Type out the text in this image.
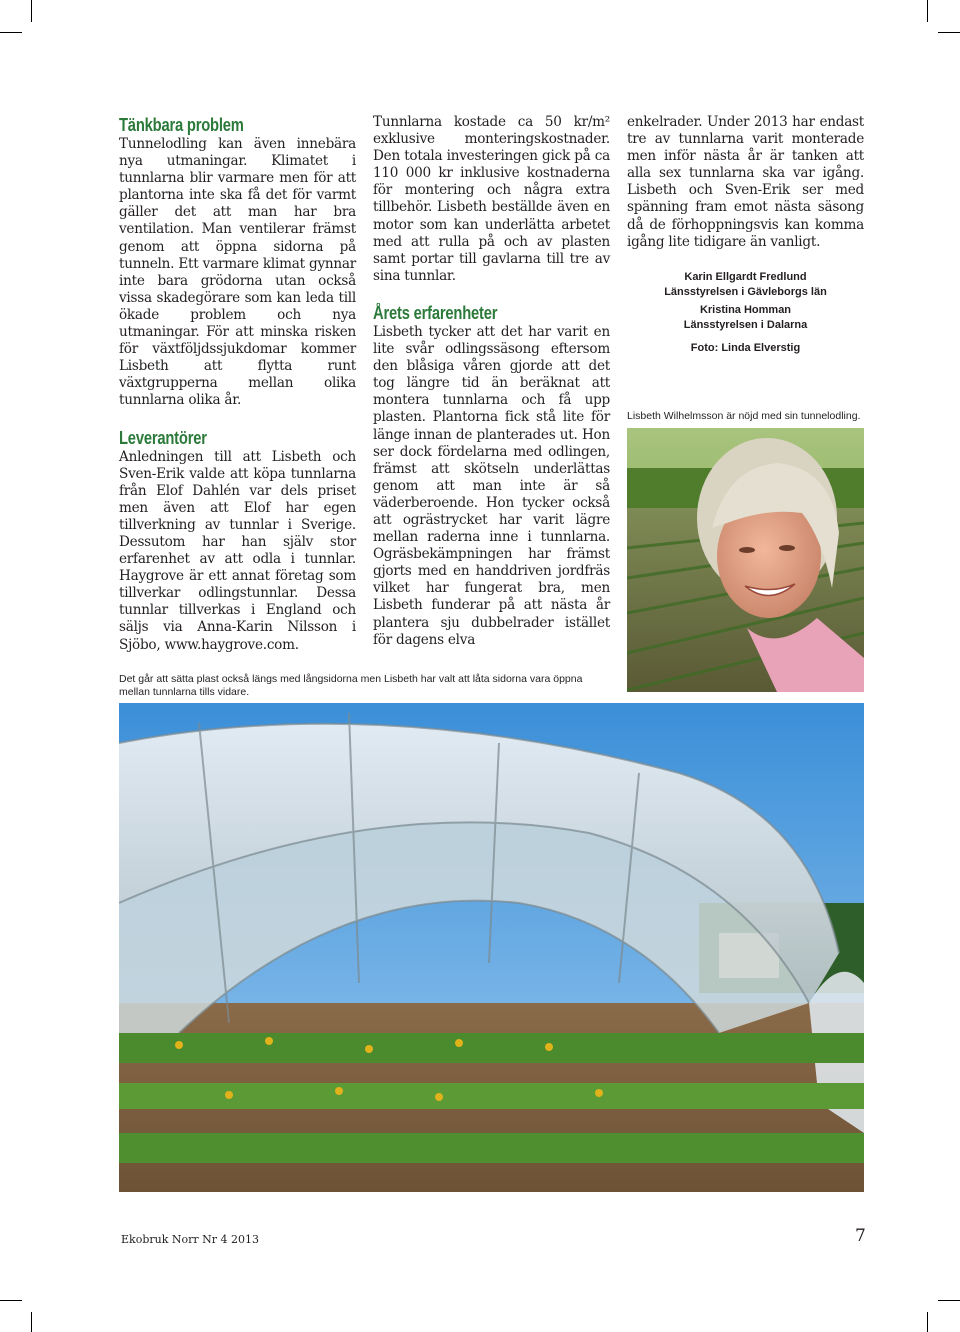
Tänkbara problem

Tunnelodling kan även innebära nya utmaningar. Klimatet i tunnlarna blir varmare men för att plantorna inte ska få det för varmt gäller det att man har bra ventilation. Man ventilerar främst genom att öppna sidorna på tunneln. Ett varmare klimat gynnar inte bara grödorna utan också vissa skadegörare som kan leda till ökade problem och nya utmaningar. För att minska risken för växtföljdssjukdomar kommer Lisbeth att flytta runt växtgrupperna mellan olika tunnlarna olika år.

Leverantörer

Anledningen till att Lisbeth och Sven-Erik valde att köpa tunnlarna från Elof Dahlén var dels priset men även att Elof har egen tillverkning av tunnlar i Sverige. Dessutom har han själv stor erfarenhet av att odla i tunnlar. Haygrove är ett annat företag som tillverkar odlingstunnlar. Dessa tunnlar tillverkas i England och säljs via Anna-Karin Nilsson i Sjöbo, www.haygrove.com.

Tunnlarna kostade ca 50 kr/m² exklusive monteringskostnader. Den totala investeringen gick på ca 110 000 kr inklusive kostnaderna för montering och några extra tillbehör. Lisbeth beställde även en motor som kan underlätta arbetet med att rulla på och av plasten samt portar till gavlarna till tre av sina tunnlar.

Årets erfarenheter

Lisbeth tycker att det har varit en lite svår odlingssäsong eftersom den blåsiga våren gjorde att det tog längre tid än beräknat att montera tunnlarna och få upp plasten. Plantorna fick stå lite för länge innan de planterades ut. Hon ser dock fördelarna med odlingen, främst att skötseln underlättas genom att man inte är så väderberoende. Hon tycker också att ogrästrycket har varit lägre mellan raderna inne i tunnlarna. Ogräsbekämpningen har främst gjorts med en handdriven jordfräs vilket har fungerat bra, men Lisbeth funderar på att nästa år plantera sju dubbelrader istället för dagens elva

enkelrader. Under 2013 har endast tre av tunnlarna varit monterade men inför nästa år är tanken att alla sex tunnlarna ska var igång. Lisbeth och Sven-Erik ser med spänning fram emot nästa säsong då de förhoppningsvis kan komma igång lite tidigare än vanligt.

Karin Ellgardt Fredlund
Länsstyrelsen i Gävleborgs län
Kristina Homman
Länsstyrelsen i Dalarna
Foto: Linda Elverstig
Lisbeth Wilhelmsson är nöjd med sin tunnelodling.
Det går att sätta plast också längs med långsidorna men Lisbeth har valt att låta sidorna vara öppna mellan tunnlarna tills vidare.
Ekobruk Norr Nr 4 2013	7
